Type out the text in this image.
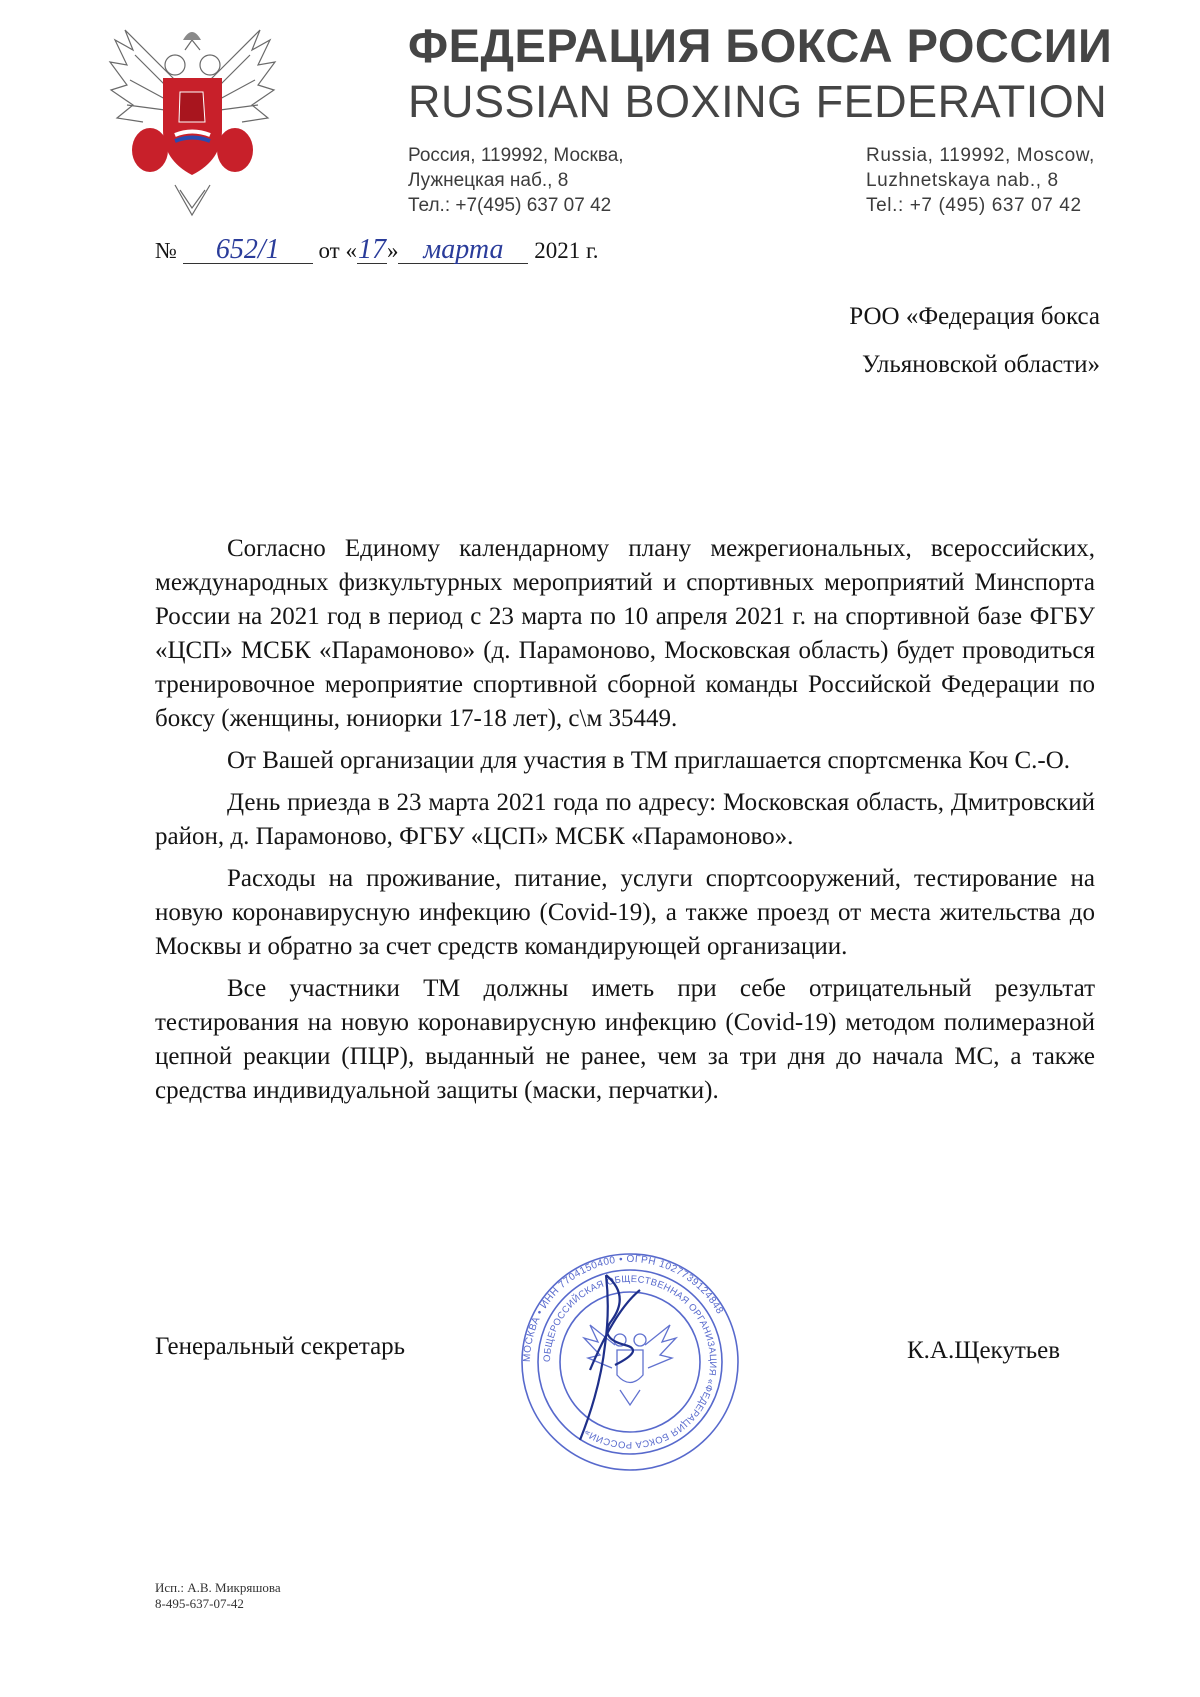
ФЕДЕРАЦИЯ БОКСА РОССИИ
RUSSIAN BOXING FEDERATION
Россия, 119992, Москва,
Лужнецкая наб., 8
Тел.: +7(495) 637 07 42
Russia, 119992, Moscow,
Luzhnetskaya nab., 8
Tel.: +7 (495) 637 07 42
№ 652/1 от «17» марта 2021 г.
РОО «Федерация бокса
Ульяновской области»

Согласно Единому календарному плану межрегиональных, всероссийских, международных физкультурных мероприятий и спортивных мероприятий Минспорта России на 2021 год в период с 23 марта по 10 апреля 2021 г. на спортивной базе ФГБУ «ЦСП» МСБК «Парамоново» (д. Парамоново, Московская область) будет проводиться тренировочное мероприятие спортивной сборной команды Российской Федерации по боксу (женщины, юниорки 17-18 лет), с\м 35449.

От Вашей организации для участия в ТМ приглашается спортсменка Коч С.-О.

День приезда в 23 марта 2021 года по адресу: Московская область, Дмитровский район, д. Парамоново, ФГБУ «ЦСП» МСБК «Парамоново».

Расходы на проживание, питание, услуги спортсооружений, тестирование на новую коронавирусную инфекцию (Covid-19), а также проезд от места жительства до Москвы и обратно за счет средств командирующей организации.

Все участники ТМ должны иметь при себе отрицательный результат тестирования на новую коронавирусную инфекцию (Covid-19) методом полимеразной цепной реакции (ПЦР), выданный не ранее, чем за три дня до начала МС, а также средства индивидуальной защиты (маски, перчатки).

Генеральный секретарь	К.А.Щекутьев
МОСКВА • ИНН 7704150400 • ОГРН 1027739124848
ОБЩЕРОССИЙСКАЯ ОБЩЕСТВЕННАЯ ОРГАНИЗАЦИЯ «ФЕДЕРАЦИЯ БОКСА РОССИИ»
Исп.: А.В. Микряшова
8-495-637-07-42
